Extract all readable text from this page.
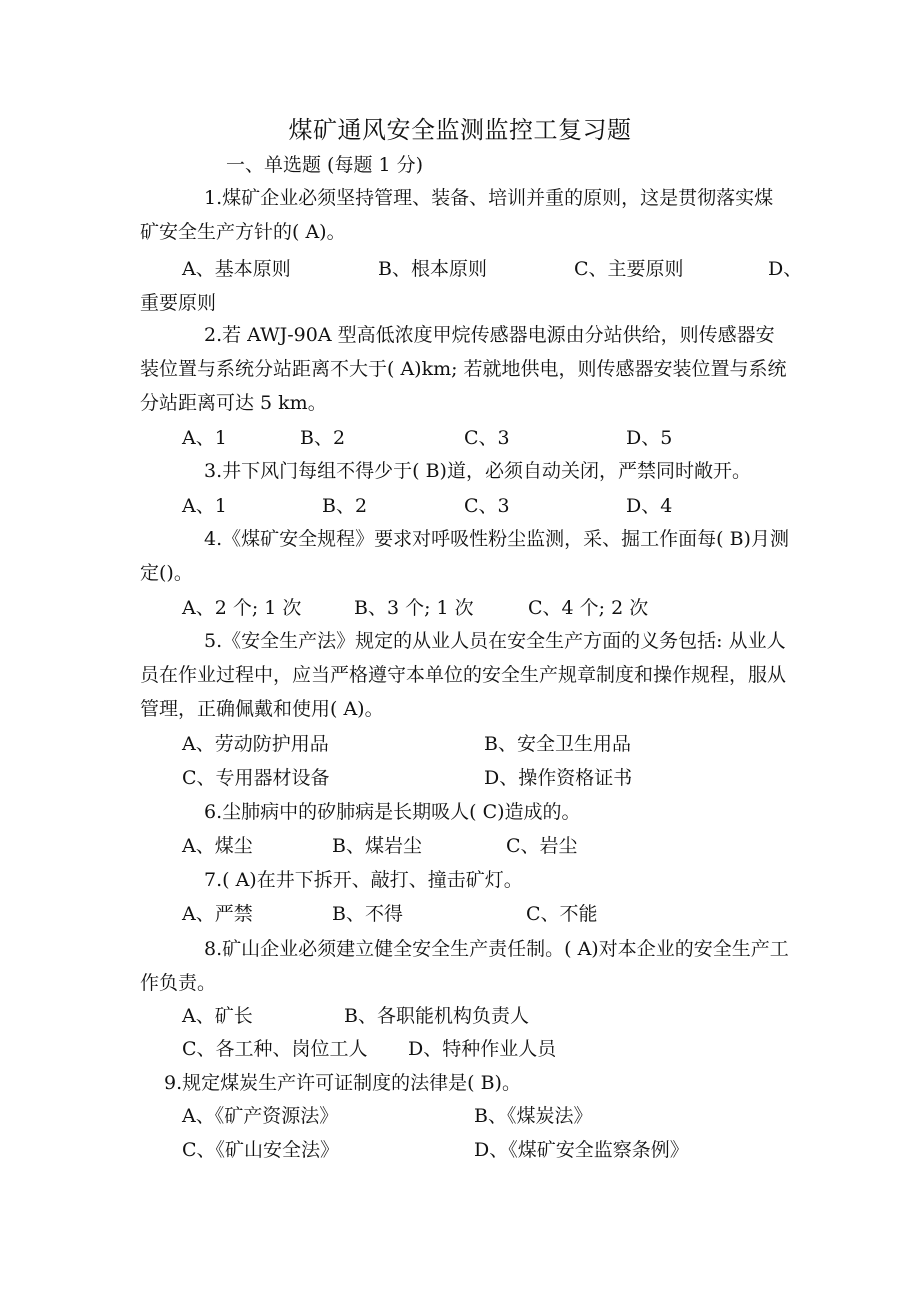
煤矿通风安全监测监控工复习题
一、单选题 (每题 1 分)
1.煤矿企业必须坚持管理、装备、培训并重的原则，这是贯彻落实煤矿安全生产方针的( A)。
A、基本原则	B、根本原则	C、主要原则	D、
重要原则
2.若 AWJ-90A 型高低浓度甲烷传感器电源由分站供给，则传感器安装位置与系统分站距离不大于( A)km; 若就地供电，则传感器安装位置与系统分站距离可达 5 km。
A、1	B、2	C、3	D、5
3.井下风门每组不得少于( B)道，必须自动关闭，严禁同时敞开。
A、1	B、2	C、3	D、4
4.《煤矿安全规程》要求对呼吸性粉尘监测，采、掘工作面每( B)月测定()。
A、2 个; 1 次	B、3 个; 1 次	C、4 个; 2 次
5.《安全生产法》规定的从业人员在安全生产方面的义务包括: 从业人员在作业过程中，应当严格遵守本单位的安全生产规章制度和操作规程，服从管理，正确佩戴和使用( A)。
A、劳动防护用品	B、安全卫生用品
C、专用器材设备	D、操作资格证书
6.尘肺病中的矽肺病是长期吸人( C)造成的。
A、煤尘	B、煤岩尘	C、岩尘
7.( A)在井下拆开、敲打、撞击矿灯。
A、严禁	B、不得	C、不能
8.矿山企业必须建立健全安全生产责任制。( A)对本企业的安全生产工作负责。
A、矿长	B、各职能机构负责人
C、各工种、岗位工人 D、特种作业人员
9.规定煤炭生产许可证制度的法律是( B)。
A、《矿产资源法》	B、《煤炭法》
C、《矿山安全法》	D、《煤矿安全监察条例》
